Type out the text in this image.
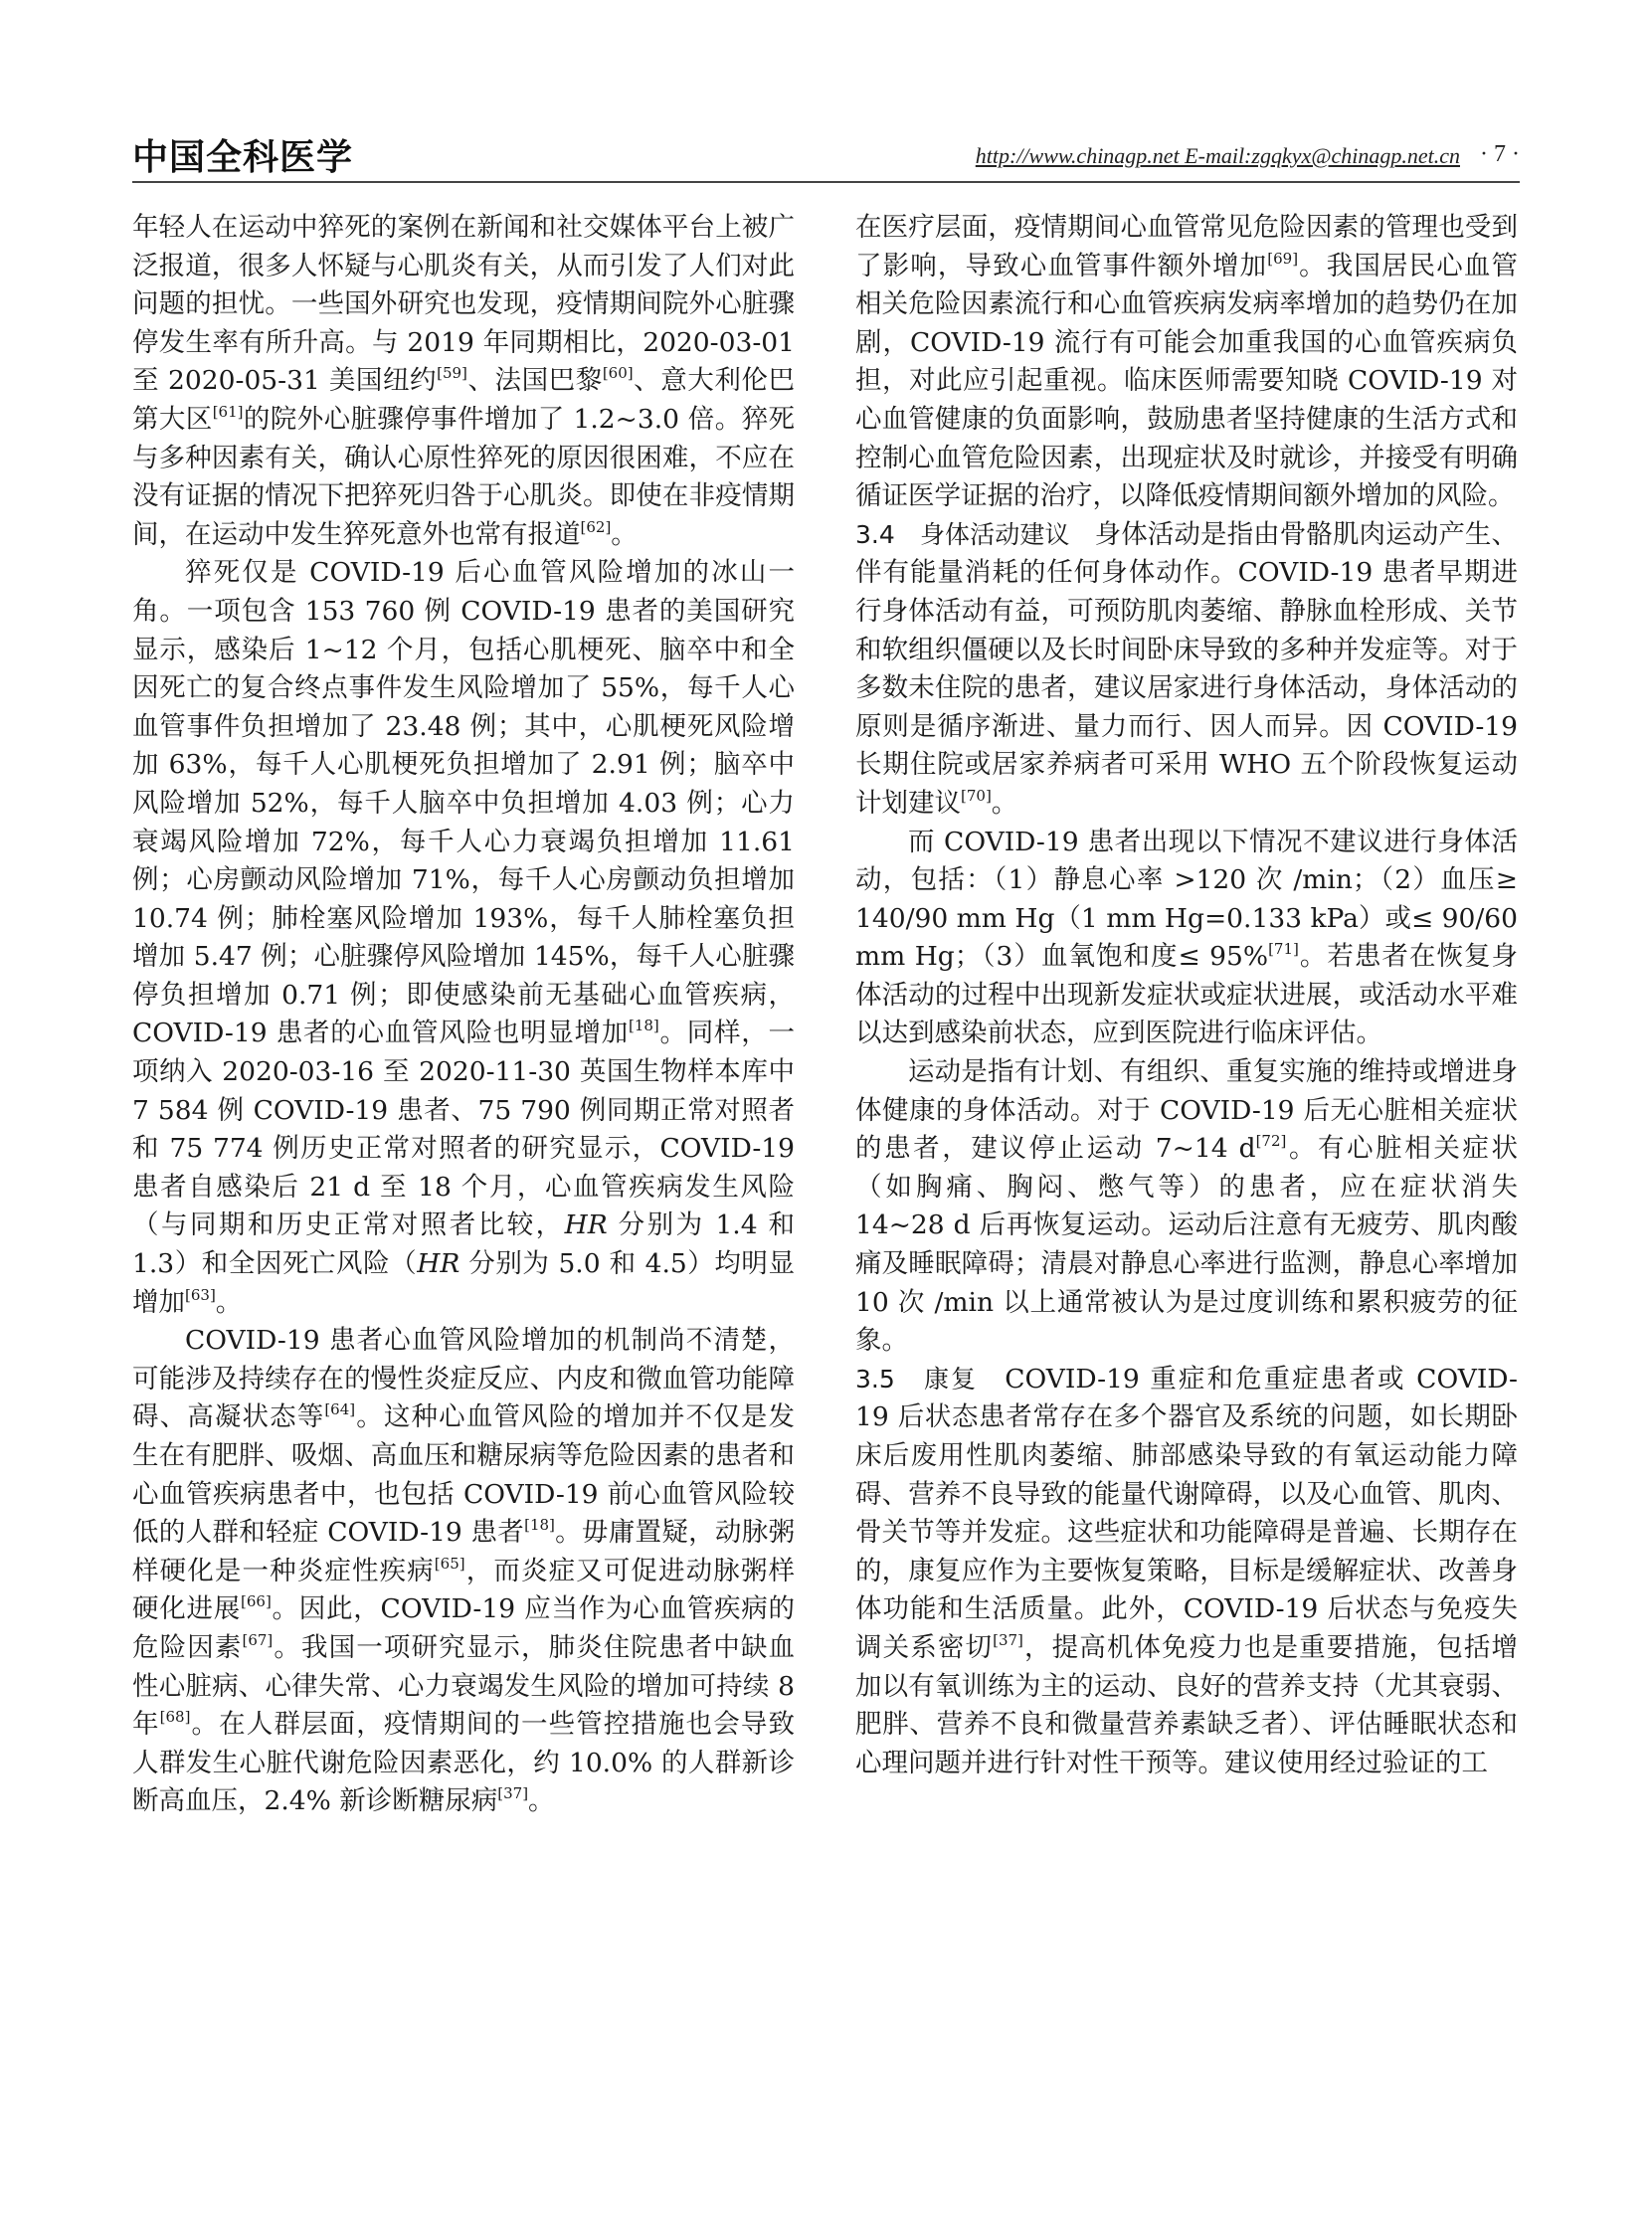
中国全科医学	http://www.chinagp.net E-mail:zgqkyx@chinagp.net.cn · 7 ·

年轻人在运动中猝死的案例在新闻和社交媒体平台上被广泛报道，很多人怀疑与心肌炎有关，从而引发了人们对此问题的担忧。一些国外研究也发现，疫情期间院外心脏骤停发生率有所升高。与 2019 年同期相比，2020-03-01 至 2020-05-31 美国纽约[59]、法国巴黎[60]、意大利伦巴第大区[61]的院外心脏骤停事件增加了 1.2~3.0 倍。猝死与多种因素有关，确认心原性猝死的原因很困难，不应在没有证据的情况下把猝死归咎于心肌炎。即使在非疫情期间，在运动中发生猝死意外也常有报道[62]。

猝死仅是 COVID-19 后心血管风险增加的冰山一角。一项包含 153 760 例 COVID-19 患者的美国研究显示，感染后 1~12 个月，包括心肌梗死、脑卒中和全因死亡的复合终点事件发生风险增加了 55%，每千人心血管事件负担增加了 23.48 例；其中，心肌梗死风险增加 63%，每千人心肌梗死负担增加了 2.91 例；脑卒中风险增加 52%，每千人脑卒中负担增加 4.03 例；心力衰竭风险增加 72%，每千人心力衰竭负担增加 11.61 例；心房颤动风险增加 71%，每千人心房颤动负担增加 10.74 例；肺栓塞风险增加 193%，每千人肺栓塞负担增加 5.47 例；心脏骤停风险增加 145%，每千人心脏骤停负担增加 0.71 例；即使感染前无基础心血管疾病，COVID-19 患者的心血管风险也明显增加[18]。同样，一项纳入 2020-03-16 至 2020-11-30 英国生物样本库中 7 584 例 COVID-19 患者、75 790 例同期正常对照者和 75 774 例历史正常对照者的研究显示，COVID-19 患者自感染后 21 d 至 18 个月，心血管疾病发生风险（与同期和历史正常对照者比较，HR 分别为 1.4 和 1.3）和全因死亡风险（HR 分别为 5.0 和 4.5）均明显增加[63]。

COVID-19 患者心血管风险增加的机制尚不清楚，可能涉及持续存在的慢性炎症反应、内皮和微血管功能障碍、高凝状态等[64]。这种心血管风险的增加并不仅是发生在有肥胖、吸烟、高血压和糖尿病等危险因素的患者和心血管疾病患者中，也包括 COVID-19 前心血管风险较低的人群和轻症 COVID-19 患者[18]。毋庸置疑，动脉粥样硬化是一种炎症性疾病[65]，而炎症又可促进动脉粥样硬化进展[66]。因此，COVID-19 应当作为心血管疾病的危险因素[67]。我国一项研究显示，肺炎住院患者中缺血性心脏病、心律失常、心力衰竭发生风险的增加可持续 8 年[68]。在人群层面，疫情期间的一些管控措施也会导致人群发生心脏代谢危险因素恶化，约 10.0% 的人群新诊断高血压，2.4% 新诊断糖尿病[37]。

在医疗层面，疫情期间心血管常见危险因素的管理也受到了影响，导致心血管事件额外增加[69]。我国居民心血管相关危险因素流行和心血管疾病发病率增加的趋势仍在加剧，COVID-19 流行有可能会加重我国的心血管疾病负担，对此应引起重视。临床医师需要知晓 COVID-19 对心血管健康的负面影响，鼓励患者坚持健康的生活方式和控制心血管危险因素，出现症状及时就诊，并接受有明确循证医学证据的治疗，以降低疫情期间额外增加的风险。

3.4　身体活动建议　身体活动是指由骨骼肌肉运动产生、伴有能量消耗的任何身体动作。COVID-19 患者早期进行身体活动有益，可预防肌肉萎缩、静脉血栓形成、关节和软组织僵硬以及长时间卧床导致的多种并发症等。对于多数未住院的患者，建议居家进行身体活动，身体活动的原则是循序渐进、量力而行、因人而异。因 COVID-19 长期住院或居家养病者可采用 WHO 五个阶段恢复运动计划建议[70]。

而 COVID-19 患者出现以下情况不建议进行身体活动，包括：（1）静息心率 >120 次 /min；（2）血压≥ 140/90 mm Hg（1 mm Hg=0.133 kPa）或≤ 90/60 mm Hg；（3）血氧饱和度≤ 95%[71]。若患者在恢复身体活动的过程中出现新发症状或症状进展，或活动水平难以达到感染前状态，应到医院进行临床评估。

运动是指有计划、有组织、重复实施的维持或增进身体健康的身体活动。对于 COVID-19 后无心脏相关症状的患者，建议停止运动 7~14 d[72]。有心脏相关症状（如胸痛、胸闷、憋气等）的患者，应在症状消失 14~28 d 后再恢复运动。运动后注意有无疲劳、肌肉酸痛及睡眠障碍；清晨对静息心率进行监测，静息心率增加 10 次 /min 以上通常被认为是过度训练和累积疲劳的征象。

3.5　康复　COVID-19 重症和危重症患者或 COVID-19 后状态患者常存在多个器官及系统的问题，如长期卧床后废用性肌肉萎缩、肺部感染导致的有氧运动能力障碍、营养不良导致的能量代谢障碍，以及心血管、肌肉、骨关节等并发症。这些症状和功能障碍是普遍、长期存在的，康复应作为主要恢复策略，目标是缓解症状、改善身体功能和生活质量。此外，COVID-19 后状态与免疫失调关系密切[37]，提高机体免疫力也是重要措施，包括增加以有氧训练为主的运动、良好的营养支持（尤其衰弱、肥胖、营养不良和微量营养素缺乏者）、评估睡眠状态和心理问题并进行针对性干预等。建议使用经过验证的工
